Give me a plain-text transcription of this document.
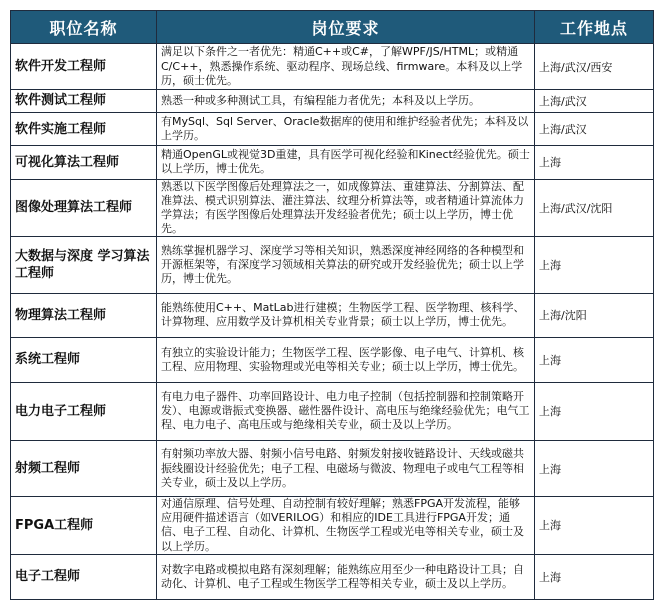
职位名称	岗位要求	工作地点
软件开发工程师	满足以下条件之一者优先：精通C++或C#，了解WPF/JS/HTML；或精通C/C++，熟悉操作系统、驱动程序、现场总线、firmware。本科及以上学历，硕士优先。	上海/武汉/西安
软件测试工程师	熟悉一种或多种测试工具，有编程能力者优先；本科及以上学历。	上海/武汉
软件实施工程师	有MySql、Sql Server、Oracle数据库的使用和维护经验者优先；本科及以上学历。	上海/武汉
可视化算法工程师	精通OpenGL或视觉3D重建，具有医学可视化经验和Kinect经验优先。硕士以上学历，博士优先。	上海
图像处理算法工程师	熟悉以下医学图像后处理算法之一，如成像算法、重建算法、分割算法、配准算法、模式识别算法、灌注算法、纹理分析算法等，或者精通计算流体力学算法；有医学图像后处理算法开发经验者优先；硕士以上学历，博士优先。	上海/武汉/沈阳
大数据与深度 学习算法工程师	熟练掌握机器学习、深度学习等相关知识，熟悉深度神经网络的各种模型和开源框架等，有深度学习领域相关算法的研究或开发经验优先；硕士以上学历，博士优先。	上海
物理算法工程师	能熟练使用C++、MatLab进行建模；生物医学工程、医学物理、核科学、计算物理、应用数学及计算机相关专业背景；硕士以上学历，博士优先。	上海/沈阳
系统工程师	有独立的实验设计能力；生物医学工程、医学影像、电子电气、计算机、核工程、应用物理、实验物理或光电等相关专业；硕士以上学历，博士优先。	上海
电力电子工程师	有电力电子器件、功率回路设计、电力电子控制（包括控制器和控制策略开发）、电源或谐振式变换器、磁性器件设计、高电压与绝缘经验优先；电气工程、电力电子、高电压或与绝缘相关专业，硕士及以上学历。	上海
射频工程师	有射频功率放大器、射频小信号电路、射频发射接收链路设计、天线或磁共振线圈设计经验优先；电子工程、电磁场与微波、物理电子或电气工程等相关专业，硕士及以上学历。	上海
FPGA工程师	对通信原理、信号处理、自动控制有较好理解；熟悉FPGA开发流程，能够应用硬件描述语言（如VERILOG）和相应的IDE工具进行FPGA开发；通信、电子工程、自动化、计算机、生物医学工程或光电等相关专业，硕士及以上学历。	上海
电子工程师	对数字电路或模拟电路有深刻理解；能熟练应用至少一种电路设计工具；自动化、计算机、电子工程或生物医学工程等相关专业，硕士及以上学历。	上海
